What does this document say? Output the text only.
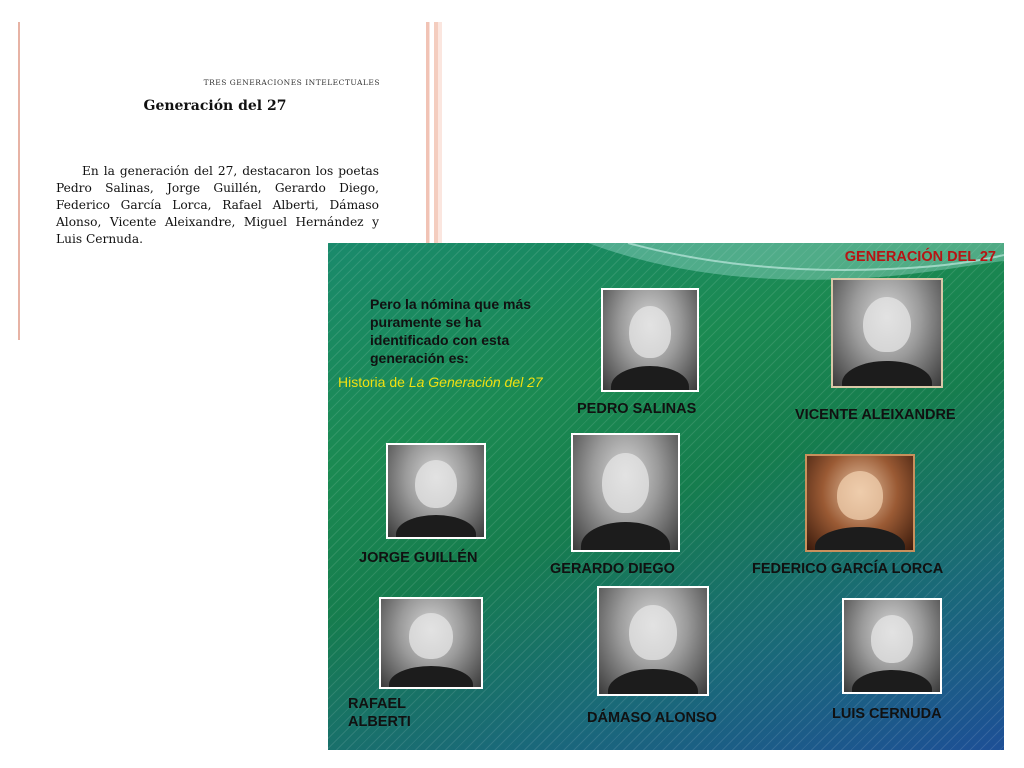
TRES GENERACIONES INTELECTUALES
Generación del 27

En la generación del 27, destacaron los poetas Pedro Salinas, Jorge Guillén, Gerardo Diego, Federico García Lorca, Rafael Alberti, Dámaso Alonso, Vicente Aleixandre, Miguel Hernández y Luis Cernuda.

GENERACIÓN DEL 27

Pero la nómina que más puramente se ha identificado con esta generación es:

Historia de La Generación del 27
PEDRO SALINAS	VICENTE ALEIXANDRE
JORGE GUILLÉN
GERARDO DIEGO	FEDERICO GARCÍA LORCA
RAFAEL ALBERTI	DÁMASO ALONSO	LUIS CERNUDA
